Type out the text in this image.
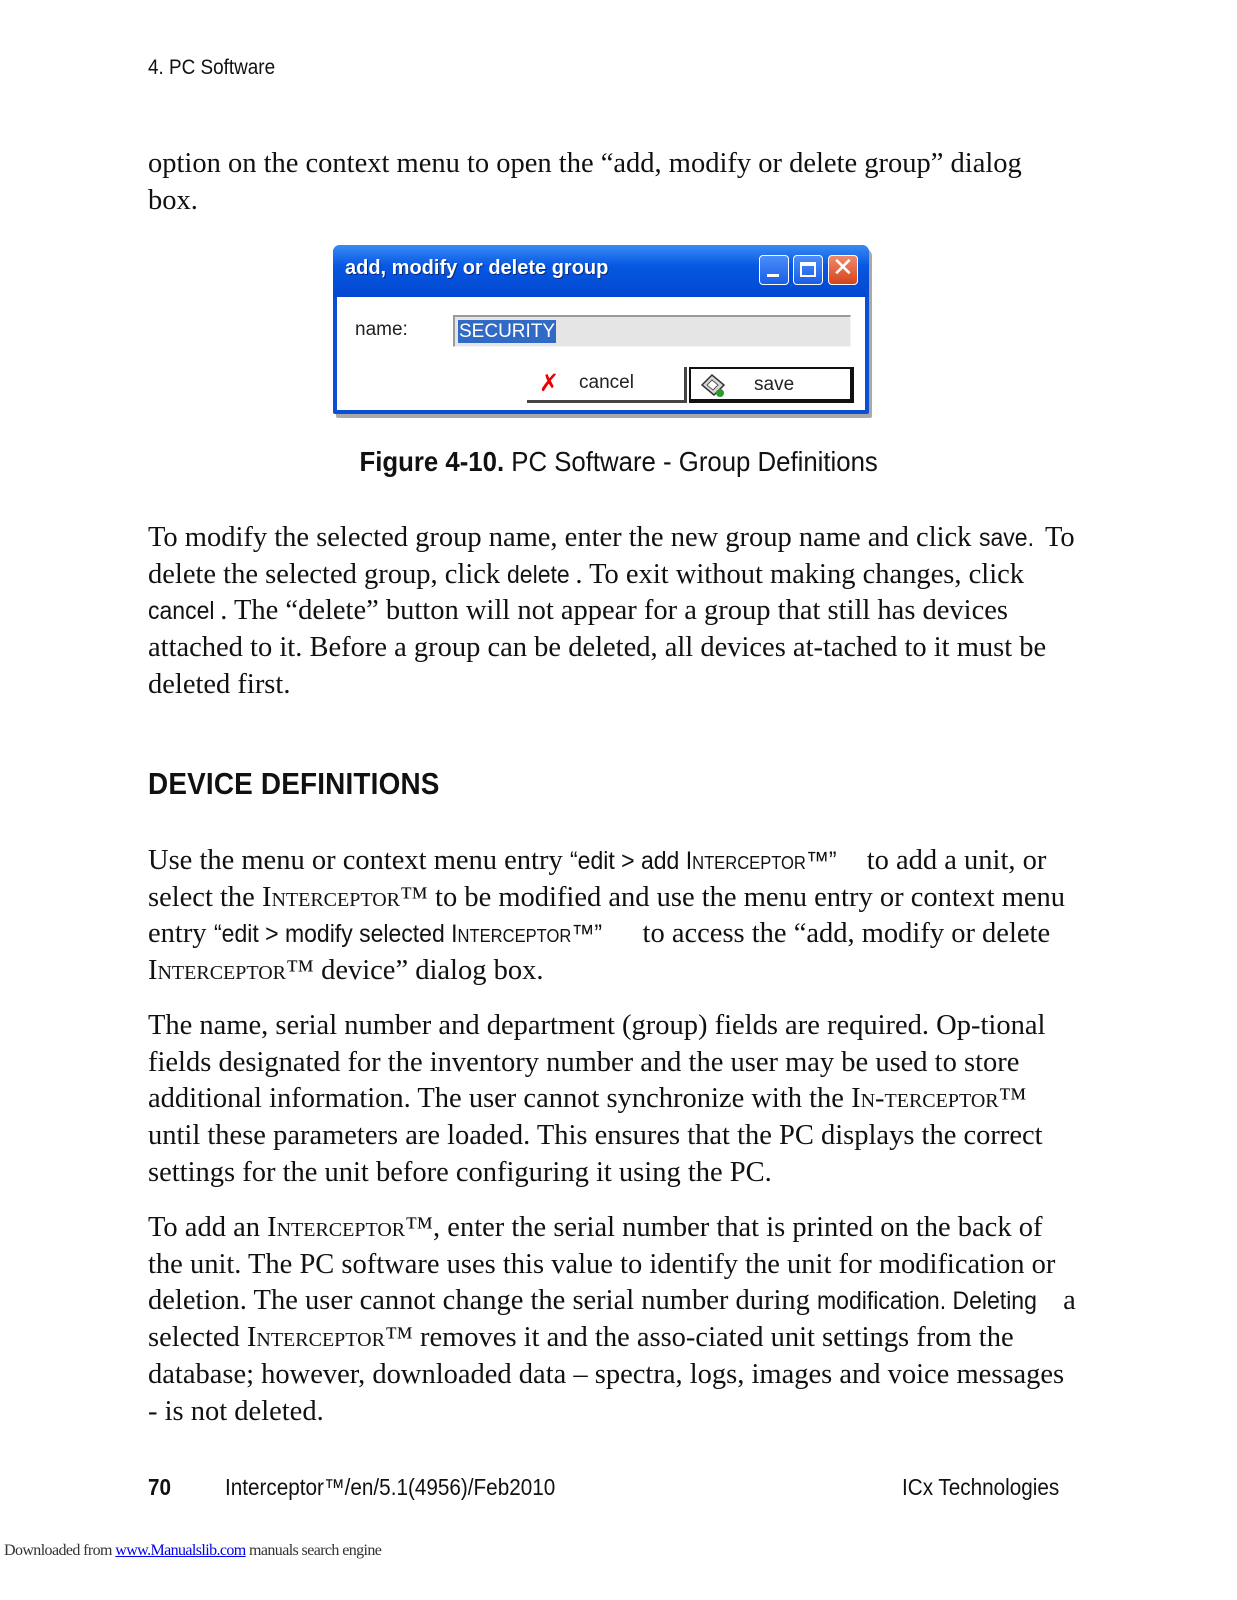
4. PC Software

option on the context menu to open the “add, modify or delete group” dialog box.

add, modify or delete group	✕
name:	SECURITY
✗ cancel	save
Figure 4-10. PC Software - Group Definitions

To modify the selected group name, enter the new group name and click save. To delete the selected group, click delete . To exit without making changes, click cancel . The “delete” button will not appear for a group that still has devices attached to it. Before a group can be deleted, all devices at-tached to it must be deleted first.

DEVICE DEFINITIONS

Use the menu or context menu entry “edit > add Interceptor™” to add a unit, or select the Interceptor™ to be modified and use the menu entry or context menu entry “edit > modify selected Interceptor™” to access the “add, modify or delete Interceptor™ device” dialog box.

The name, serial number and department (group) fields are required. Op-tional fields designated for the inventory number and the user may be used to store additional information. The user cannot synchronize with the In-terceptor™ until these parameters are loaded. This ensures that the PC displays the correct settings for the unit before configuring it using the PC.

To add an Interceptor™, enter the serial number that is printed on the back of the unit. The PC software uses this value to identify the unit for modification or deletion. The user cannot change the serial number during modification. Deleting a selected Interceptor™ removes it and the asso-ciated unit settings from the database; however, downloaded data – spectra, logs, images and voice messages - is not deleted.

70 Interceptor™/en/5.1(4956)/Feb2010	ICx Technologies
Downloaded from www.Manualslib.com manuals search engine
